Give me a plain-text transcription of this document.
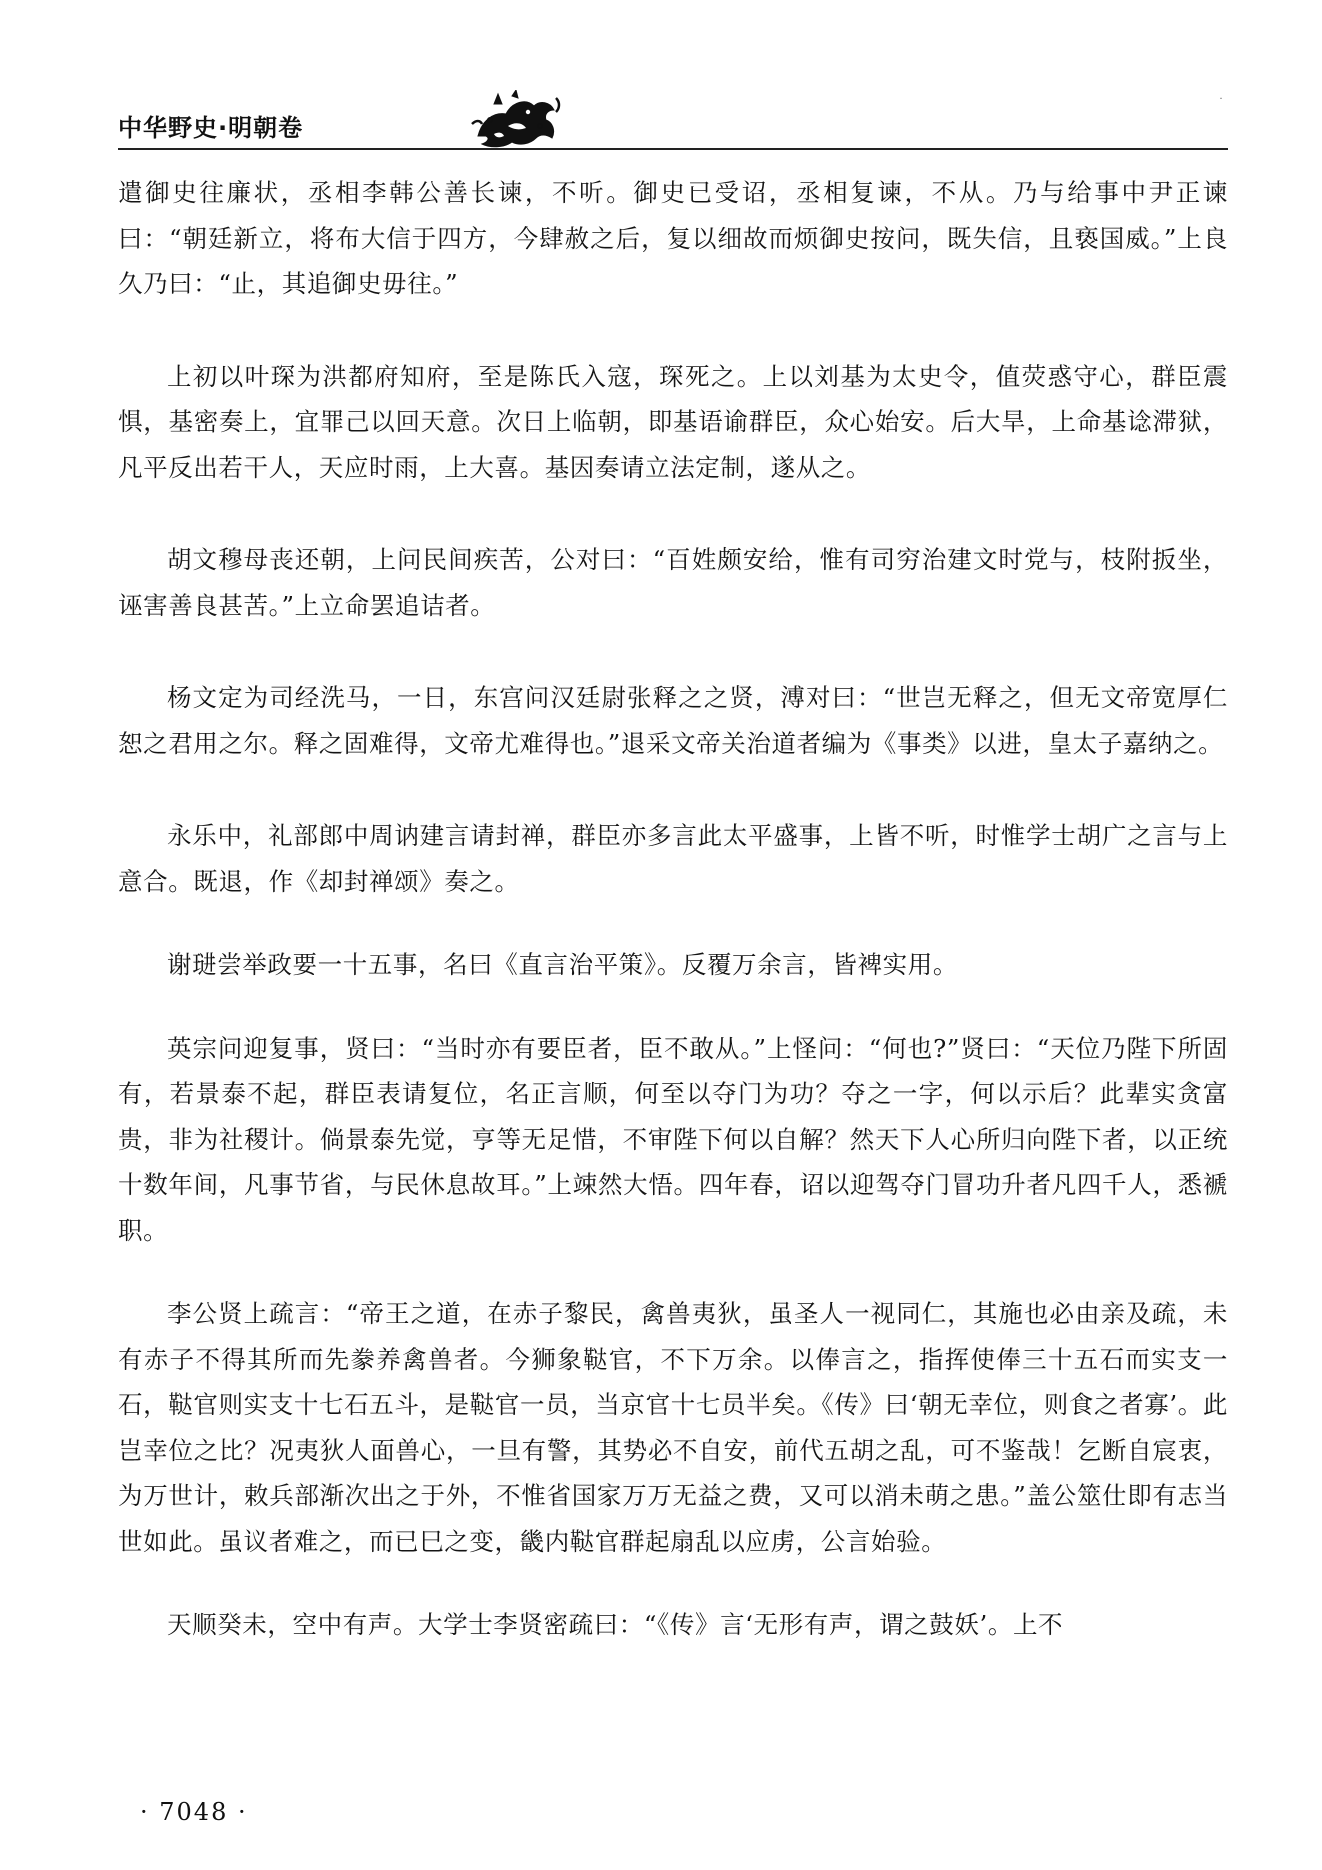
˙
中华野史·明朝卷

遣御史往廉状，丞相李韩公善长谏，不听。御史已受诏，丞相复谏，不从。乃与给事中尹正谏曰：“朝廷新立，将布大信于四方，今肆赦之后，复以细故而烦御史按问，既失信，且亵国威。”上良久乃曰：“止，其追御史毋往。”

上初以叶琛为洪都府知府，至是陈氏入寇，琛死之。上以刘基为太史令，值荧惑守心，群臣震惧，基密奏上，宜罪己以回天意。次日上临朝，即基语谕群臣，众心始安。后大旱，上命基谂滞狱，凡平反出若干人，天应时雨，上大喜。基因奏请立法定制，遂从之。

胡文穆母丧还朝，上问民间疾苦，公对曰：“百姓颇安给，惟有司穷治建文时党与，枝附扳坐，诬害善良甚苦。”上立命罢追诘者。

杨文定为司经洗马，一日，东宫问汉廷尉张释之之贤，溥对曰：“世岂无释之，但无文帝宽厚仁恕之君用之尔。释之固难得，文帝尤难得也。”退采文帝关治道者编为《事类》以进，皇太子嘉纳之。

永乐中，礼部郎中周讷建言请封禅，群臣亦多言此太平盛事，上皆不听，时惟学士胡广之言与上意合。既退，作《却封禅颂》奏之。

谢琎尝举政要一十五事，名曰《直言治平策》。反覆万余言，皆裨实用。

英宗问迎复事，贤曰：“当时亦有要臣者，臣不敢从。”上怪问：“何也?”贤曰：“天位乃陛下所固有，若景泰不起，群臣表请复位，名正言顺，何至以夺门为功？夺之一字，何以示后？此辈实贪富贵，非为社稷计。倘景泰先觉，亨等无足惜，不审陛下何以自解？然天下人心所归向陛下者，以正统十数年间，凡事节省，与民休息故耳。”上竦然大悟。四年春，诏以迎驾夺门冒功升者凡四千人，悉褫职。

李公贤上疏言：“帝王之道，在赤子黎民，禽兽夷狄，虽圣人一视同仁，其施也必由亲及疏，未有赤子不得其所而先豢养禽兽者。今狮象鞑官，不下万余。以俸言之，指挥使俸三十五石而实支一石，鞑官则实支十七石五斗，是鞑官一员，当京官十七员半矣。《传》曰‘朝无幸位，则食之者寡’。此岂幸位之比？况夷狄人面兽心，一旦有警，其势必不自安，前代五胡之乱，可不鉴哉！乞断自宸衷，为万世计，敕兵部渐次出之于外，不惟省国家万万无益之费，又可以消未萌之患。”盖公筮仕即有志当世如此。虽议者难之，而已巳之变，畿内鞑官群起扇乱以应虏，公言始验。

天顺癸未，空中有声。大学士李贤密疏曰：“《传》言‘无形有声，谓之鼓妖’。上不

· 7048 ·
